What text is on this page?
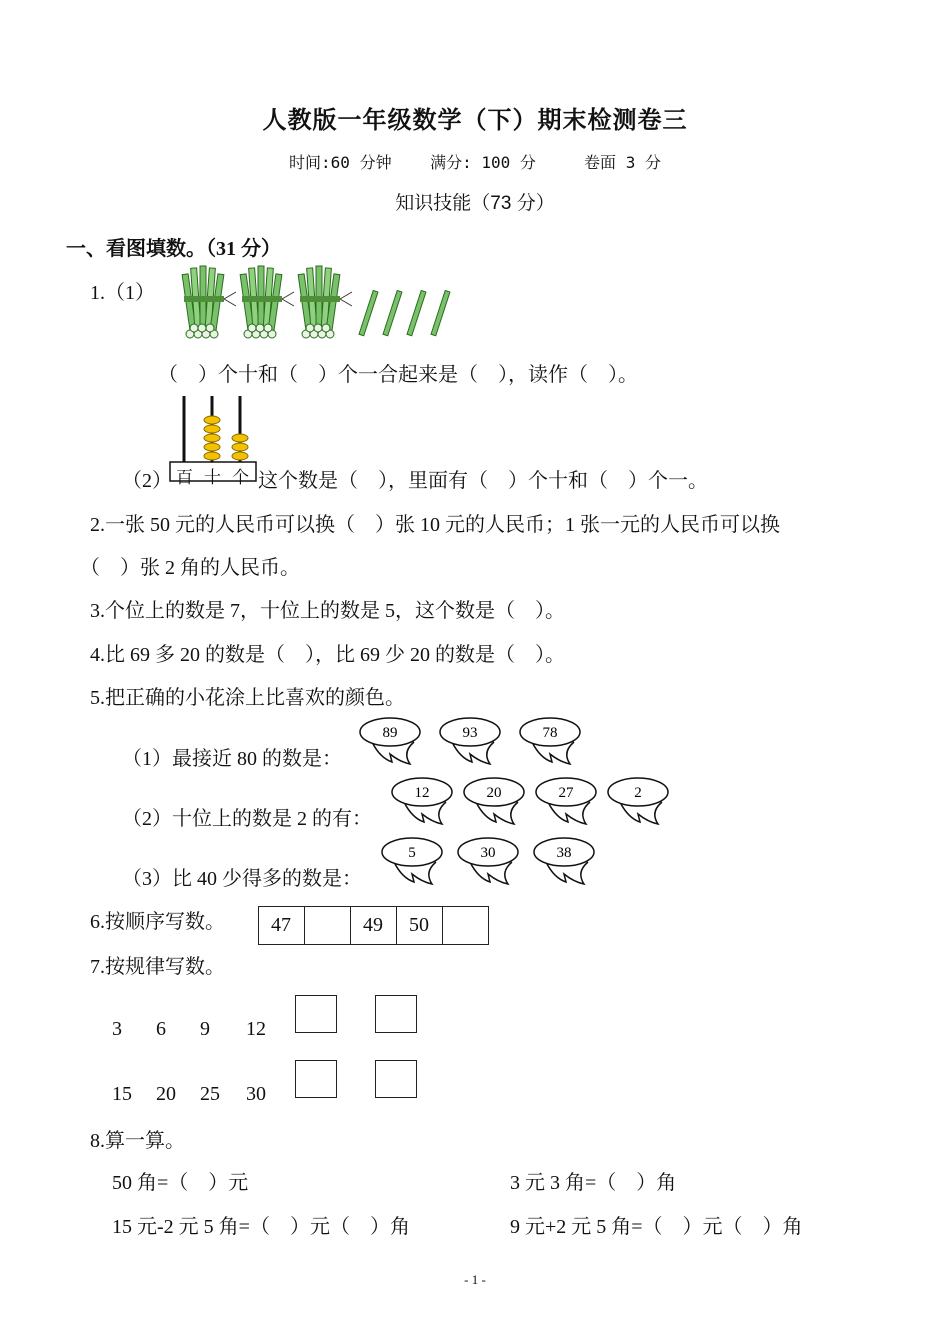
人教版一年级数学（下）期末检测卷三
时间:60 分钟    满分: 100 分     卷面 3 分
知识技能（73 分）
一、看图填数。（31 分）
1.（1）
（    ）个十和（    ）个一合起来是（    ），读作（    ）。
百 十 个
（2）	这个数是（    ），里面有（    ）个十和（    ）个一。
2.一张 50 元的人民币可以换（    ）张 10 元的人民币；1 张一元的人民币可以换
（    ）张 2 角的人民币。
3.个位上的数是 7，十位上的数是 5，这个数是（    ）。
4.比 69 多 20 的数是（    ），比 69 少 20 的数是（    ）。
5.把正确的小花涂上比喜欢的颜色。
（1）最接近 80 的数是：
（2）十位上的数是 2 的有：
（3）比 40 少得多的数是：
89	93	78
12	20	27	2
5	30	38
6.按顺序写数。 47		49	50	
7.按规律写数。
3 6 9 12
15 20 25 30
8.算一算。
50 角=（    ）元	3 元 3 角=（    ）角
15 元-2 元 5 角=（    ）元（    ）角	9 元+2 元 5 角=（    ）元（    ）角
- 1 -
